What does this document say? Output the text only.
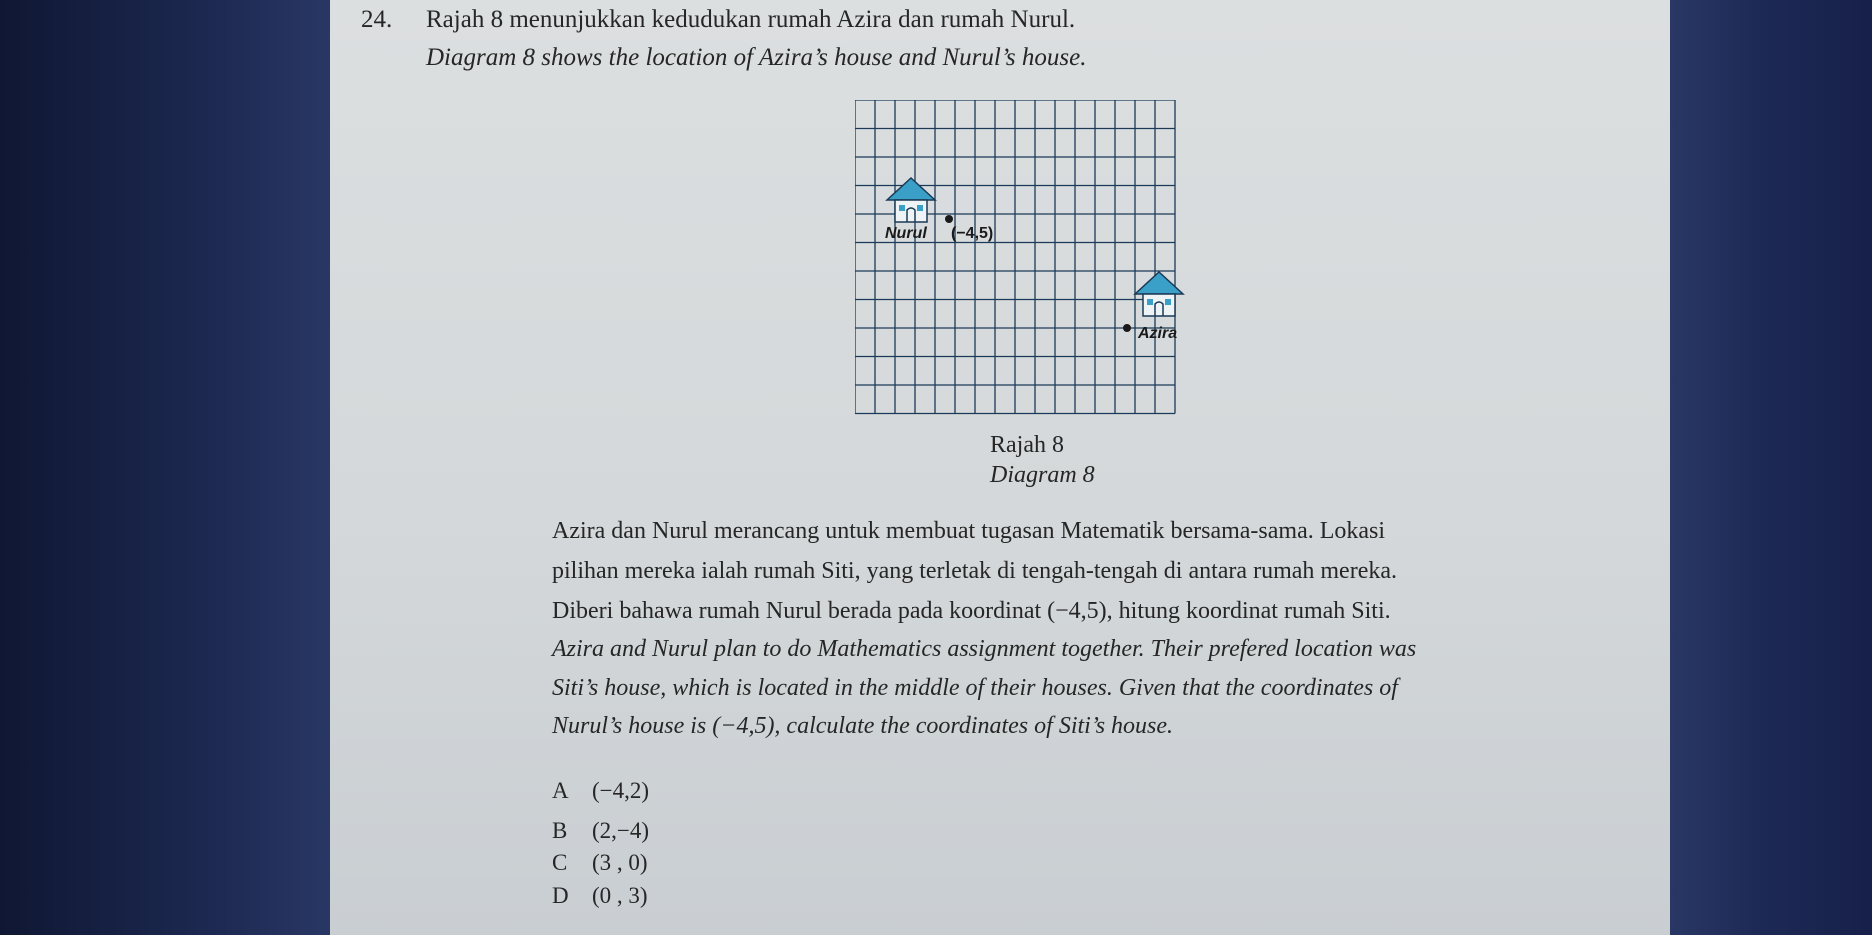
24. Rajah 8 menunjukkan kedudukan rumah Azira dan rumah Nurul.
Diagram 8 shows the location of Azira’s house and Nurul’s house.
Nurul (−4,5)
Azira
Rajah 8
Diagram 8
Azira dan Nurul merancang untuk membuat tugasan Matematik bersama-sama. Lokasi
pilihan mereka ialah rumah Siti, yang terletak di tengah-tengah di antara rumah mereka.
Diberi bahawa rumah Nurul berada pada koordinat (−4,5), hitung koordinat rumah Siti.
Azira and Nurul plan to do Mathematics assignment together. Their prefered location was
Siti’s house, which is located in the middle of their houses. Given that the coordinates of
Nurul’s house is (−4,5), calculate the coordinates of Siti’s house.
A (−4,2)
B (2,−4)
C (3 , 0)
D (0 , 3)
